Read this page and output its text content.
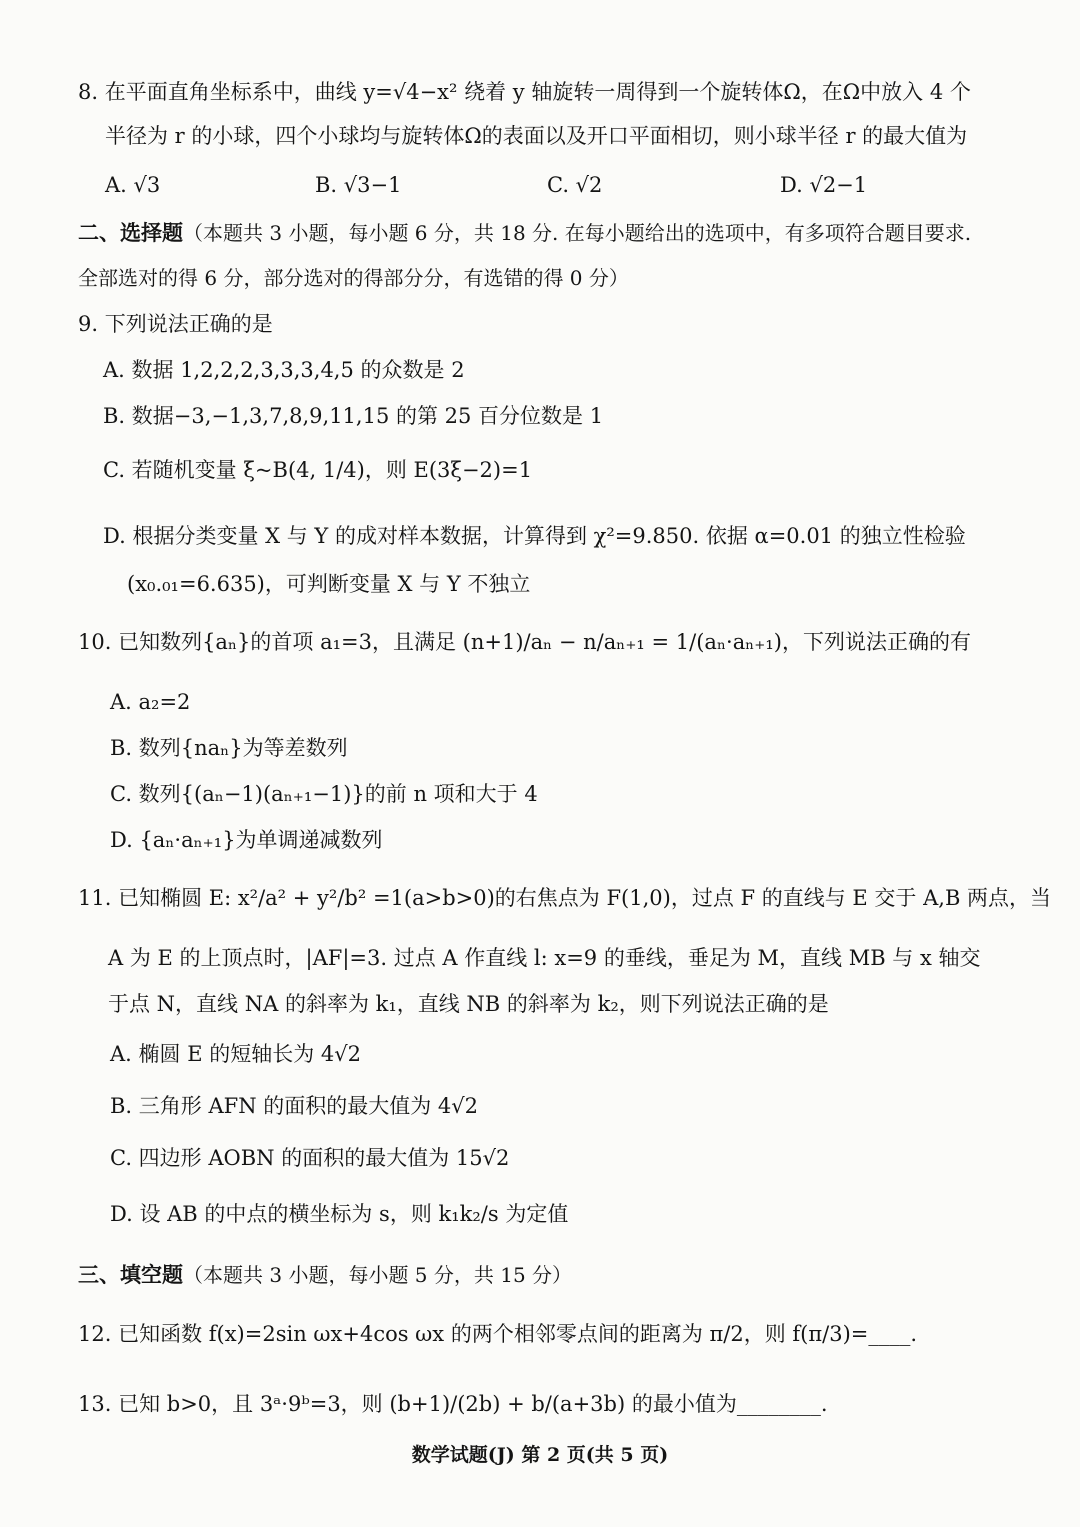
8. 在平面直角坐标系中，曲线 y=√4−x² 绕着 y 轴旋转一周得到一个旋转体Ω，在Ω中放入 4 个
半径为 r 的小球，四个小球均与旋转体Ω的表面以及开口平面相切，则小球半径 r 的最大值为
A. √3	B. √3−1	C. √2	D. √2−1
二、选择题（本题共 3 小题，每小题 6 分，共 18 分. 在每小题给出的选项中，有多项符合题目要求.
全部选对的得 6 分，部分选对的得部分分，有选错的得 0 分）
9. 下列说法正确的是
A. 数据 1,2,2,2,3,3,3,4,5 的众数是 2
B. 数据−3,−1,3,7,8,9,11,15 的第 25 百分位数是 1
C. 若随机变量 ξ~B(4, 1/4)，则 E(3ξ−2)=1
D. 根据分类变量 X 与 Y 的成对样本数据，计算得到 χ²=9.850. 依据 α=0.01 的独立性检验
(x₀.₀₁=6.635)，可判断变量 X 与 Y 不独立
10. 已知数列{aₙ}的首项 a₁=3，且满足 (n+1)/aₙ − n/aₙ₊₁ = 1/(aₙ·aₙ₊₁)，下列说法正确的有
A. a₂=2
B. 数列{naₙ}为等差数列
C. 数列{(aₙ−1)(aₙ₊₁−1)}的前 n 项和大于 4
D. {aₙ·aₙ₊₁}为单调递减数列
11. 已知椭圆 E: x²/a² + y²/b² =1(a>b>0)的右焦点为 F(1,0)，过点 F 的直线与 E 交于 A,B 两点，当
A 为 E 的上顶点时，|AF|=3. 过点 A 作直线 l: x=9 的垂线，垂足为 M，直线 MB 与 x 轴交
于点 N，直线 NA 的斜率为 k₁，直线 NB 的斜率为 k₂，则下列说法正确的是
A. 椭圆 E 的短轴长为 4√2
B. 三角形 AFN 的面积的最大值为 4√2
C. 四边形 AOBN 的面积的最大值为 15√2
D. 设 AB 的中点的横坐标为 s，则 k₁k₂/s 为定值
三、填空题（本题共 3 小题，每小题 5 分，共 15 分）
12. 已知函数 f(x)=2sin ωx+4cos ωx 的两个相邻零点间的距离为 π/2，则 f(π/3)=____.
13. 已知 b>0，且 3ᵃ·9ᵇ=3，则 (b+1)/(2b) + b/(a+3b) 的最小值为________.
数学试题(J) 第 2 页(共 5 页)
